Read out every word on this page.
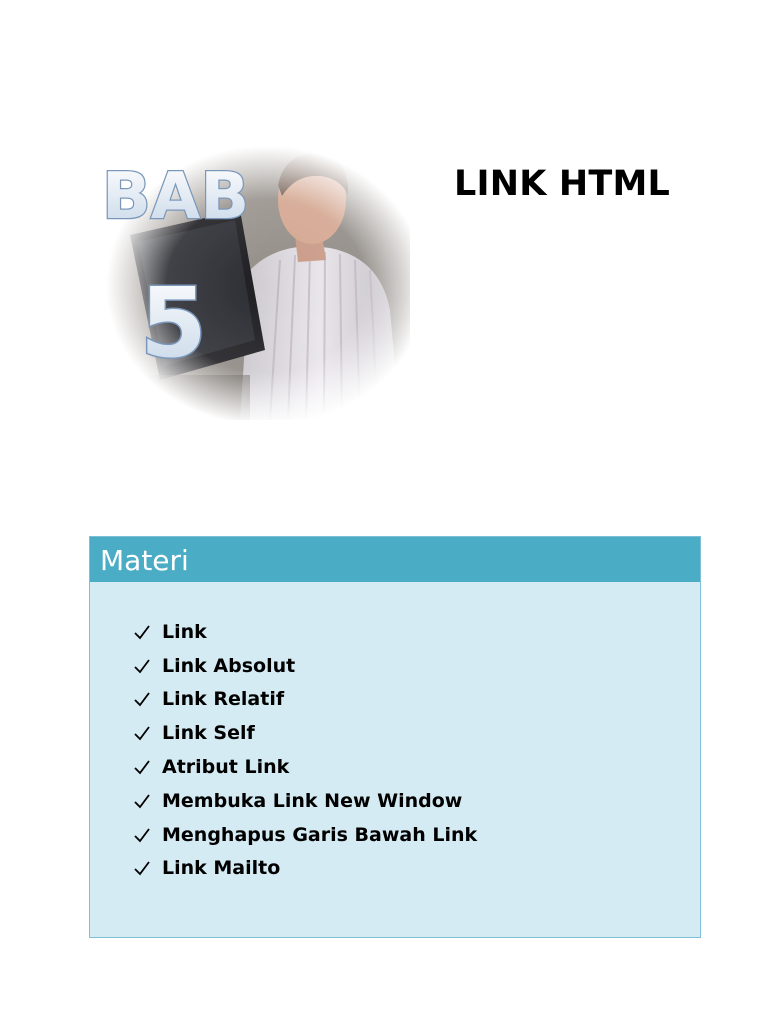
BAB
5
LINK HTML
Materi
Link
Link Absolut
Link Relatif
Link Self
Atribut Link
Membuka Link New Window
Menghapus Garis Bawah Link
Link Mailto
